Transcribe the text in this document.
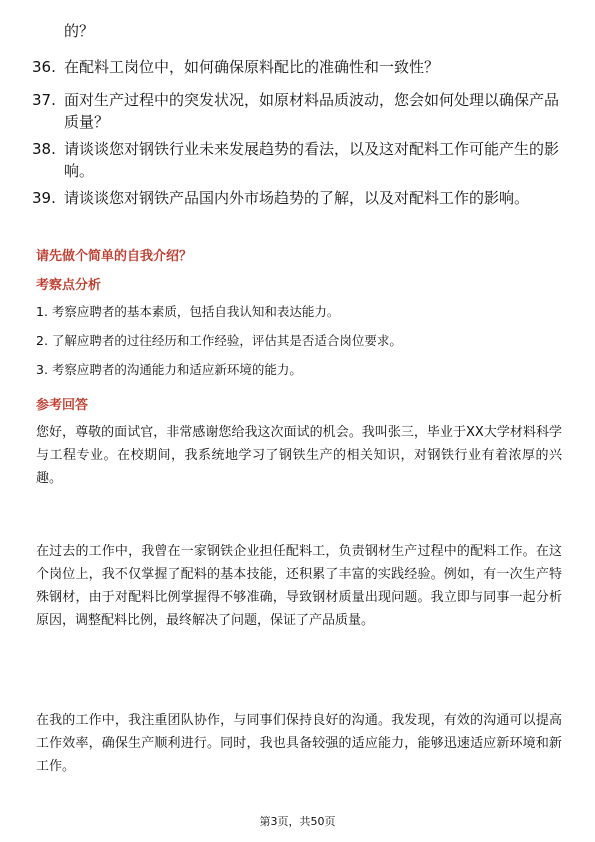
的？
36. 在配料工岗位中，如何确保原料配比的准确性和一致性？
37. 面对生产过程中的突发状况，如原材料品质波动，您会如何处理以确保产品质量？
38. 请谈谈您对钢铁行业未来发展趋势的看法，以及这对配料工作可能产生的影响。
39. 请谈谈您对钢铁产品国内外市场趋势的了解，以及对配料工作的影响。
请先做个简单的自我介绍？
考察点分析
1. 考察应聘者的基本素质，包括自我认知和表达能力。
2. 了解应聘者的过往经历和工作经验，评估其是否适合岗位要求。
3. 考察应聘者的沟通能力和适应新环境的能力。
参考回答
您好，尊敬的面试官，非常感谢您给我这次面试的机会。我叫张三，毕业于XX大学材料科学与工程专业。在校期间，我系统地学习了钢铁生产的相关知识，对钢铁行业有着浓厚的兴趣。
在过去的工作中，我曾在一家钢铁企业担任配料工，负责钢材生产过程中的配料工作。在这个岗位上，我不仅掌握了配料的基本技能，还积累了丰富的实践经验。例如，有一次生产特殊钢材，由于对配料比例掌握得不够准确，导致钢材质量出现问题。我立即与同事一起分析原因，调整配料比例，最终解决了问题，保证了产品质量。
在我的工作中，我注重团队协作，与同事们保持良好的沟通。我发现，有效的沟通可以提高工作效率，确保生产顺利进行。同时，我也具备较强的适应能力，能够迅速适应新环境和新工作。
第3页，共50页
